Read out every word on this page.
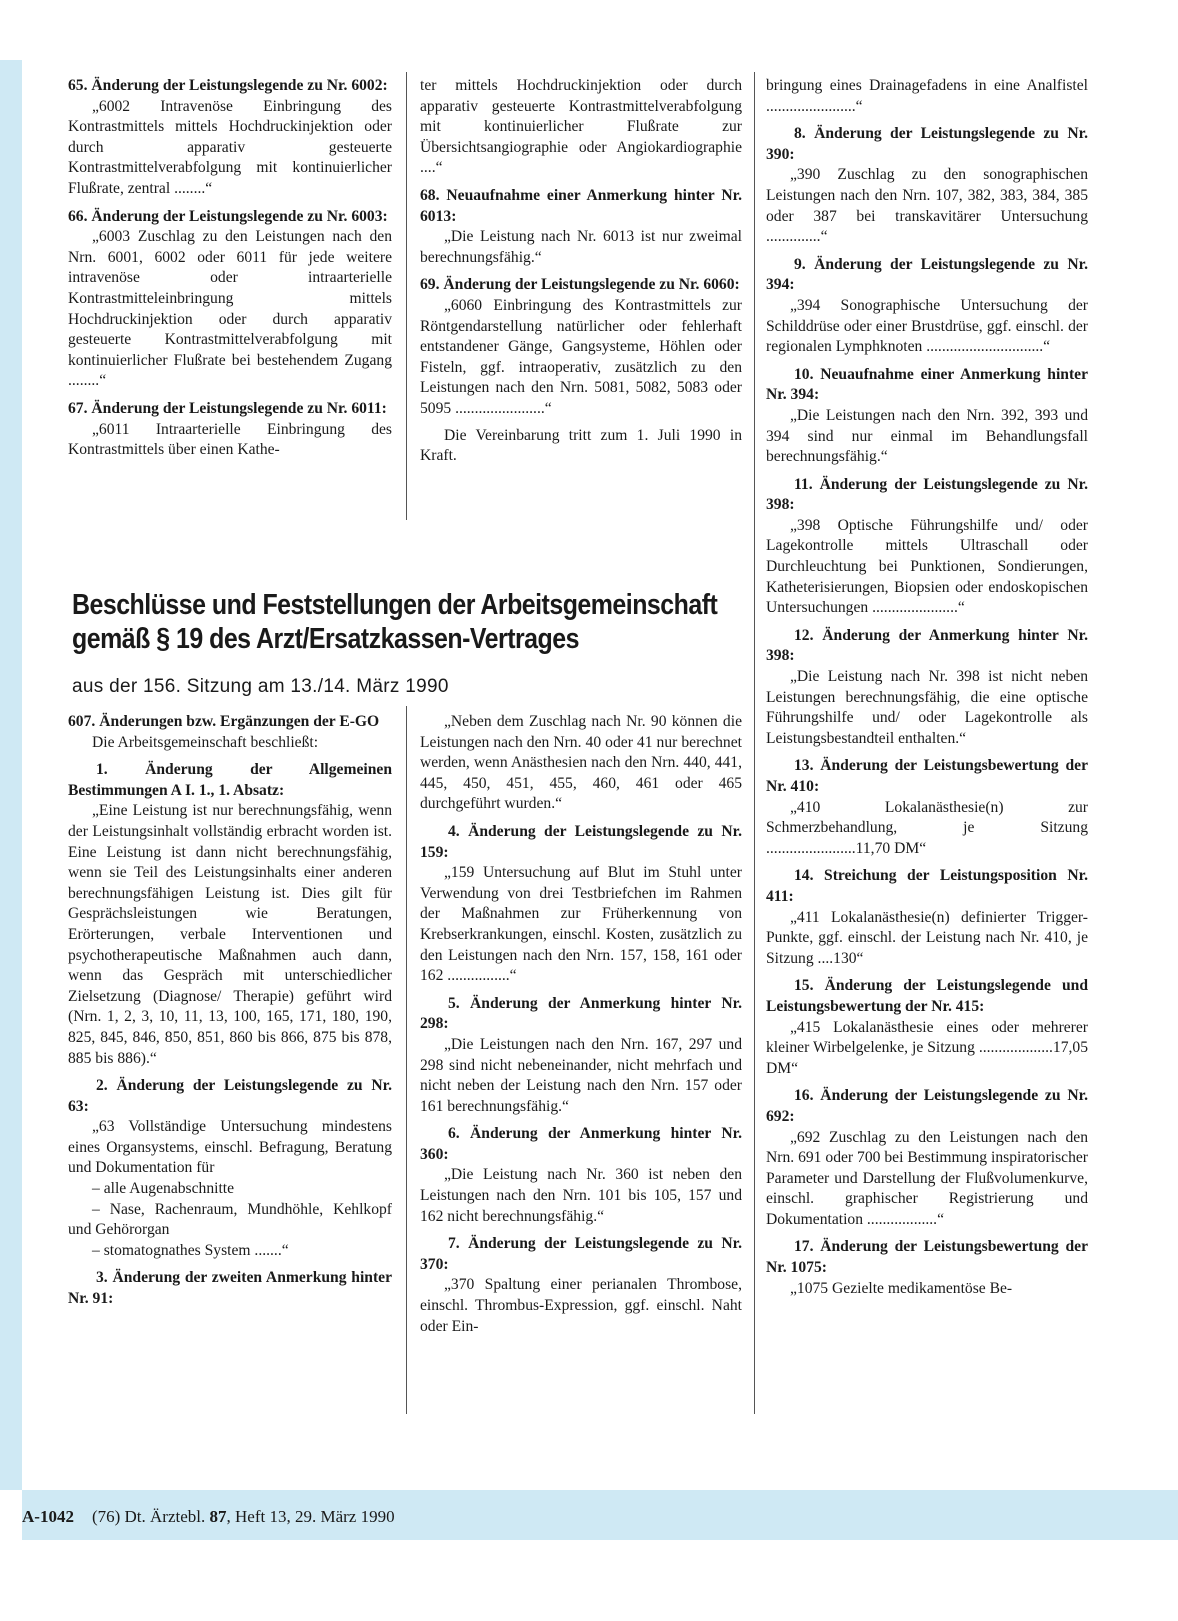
65. Änderung der Leistungslegende zu Nr. 6002:

„6002 Intravenöse Einbringung des Kontrastmittels mittels Hochdruckinjektion oder durch apparativ gesteuerte Kontrastmittelverabfolgung mit kontinuierlicher Flußrate, zentral ........“

66. Änderung der Leistungslegende zu Nr. 6003:

„6003 Zuschlag zu den Leistungen nach den Nrn. 6001, 6002 oder 6011 für jede weitere intravenöse oder intraarterielle Kontrastmitteleinbringung mittels Hochdruckinjektion oder durch apparativ gesteuerte Kontrastmittelverabfolgung mit kontinuierlicher Flußrate bei bestehendem Zugang ........“

67. Änderung der Leistungslegende zu Nr. 6011:

„6011 Intraarterielle Einbringung des Kontrastmittels über einen Kathe-

ter mittels Hochdruckinjektion oder durch apparativ gesteuerte Kontrastmittelverabfolgung mit kontinuierlicher Flußrate zur Übersichtsangiographie oder Angiokardiographie ....“

68. Neuaufnahme einer Anmerkung hinter Nr. 6013:

„Die Leistung nach Nr. 6013 ist nur zweimal berechnungsfähig.“

69. Änderung der Leistungslegende zu Nr. 6060:

„6060 Einbringung des Kontrastmittels zur Röntgendarstellung natürlicher oder fehlerhaft entstandener Gänge, Gangsysteme, Höhlen oder Fisteln, ggf. intraoperativ, zusätzlich zu den Leistungen nach den Nrn. 5081, 5082, 5083 oder 5095 .......................“

Die Vereinbarung tritt zum 1. Juli 1990 in Kraft.

Beschlüsse und Feststellungen der Arbeitsgemeinschaft
gemäß § 19 des Arzt/Ersatzkassen-Vertrages
aus der 156. Sitzung am 13./14. März 1990

607. Änderungen bzw. Ergänzungen der E-GO

Die Arbeitsgemeinschaft beschließt:

1. Änderung der Allgemeinen Bestimmungen A I. 1., 1. Absatz:

„Eine Leistung ist nur berechnungsfähig, wenn der Leistungsinhalt vollständig erbracht worden ist. Eine Leistung ist dann nicht berechnungsfähig, wenn sie Teil des Leistungsinhalts einer anderen berechnungsfähigen Leistung ist. Dies gilt für Gesprächsleistungen wie Beratungen, Erörterungen, verbale Interventionen und psychotherapeutische Maßnahmen auch dann, wenn das Gespräch mit unterschiedlicher Zielsetzung (Diagnose/ Therapie) geführt wird (Nrn. 1, 2, 3, 10, 11, 13, 100, 165, 171, 180, 190, 825, 845, 846, 850, 851, 860 bis 866, 875 bis 878, 885 bis 886).“

2. Änderung der Leistungslegende zu Nr. 63:

„63 Vollständige Untersuchung mindestens eines Organsystems, einschl. Befragung, Beratung und Dokumentation für

– alle Augenabschnitte

– Nase, Rachenraum, Mundhöhle, Kehlkopf und Gehörorgan

– stomatognathes System .......“

3. Änderung der zweiten Anmerkung hinter Nr. 91:

„Neben dem Zuschlag nach Nr. 90 können die Leistungen nach den Nrn. 40 oder 41 nur berechnet werden, wenn Anästhesien nach den Nrn. 440, 441, 445, 450, 451, 455, 460, 461 oder 465 durchgeführt wurden.“

4. Änderung der Leistungslegende zu Nr. 159:

„159 Untersuchung auf Blut im Stuhl unter Verwendung von drei Testbriefchen im Rahmen der Maßnahmen zur Früherkennung von Krebserkrankungen, einschl. Kosten, zusätzlich zu den Leistungen nach den Nrn. 157, 158, 161 oder 162 ................“

5. Änderung der Anmerkung hinter Nr. 298:

„Die Leistungen nach den Nrn. 167, 297 und 298 sind nicht nebeneinander, nicht mehrfach und nicht neben der Leistung nach den Nrn. 157 oder 161 berechnungsfähig.“

6. Änderung der Anmerkung hinter Nr. 360:

„Die Leistung nach Nr. 360 ist neben den Leistungen nach den Nrn. 101 bis 105, 157 und 162 nicht berechnungsfähig.“

7. Änderung der Leistungslegende zu Nr. 370:

„370 Spaltung einer perianalen Thrombose, einschl. Thrombus-Expression, ggf. einschl. Naht oder Ein-

bringung eines Drainagefadens in eine Analfistel .......................“

8. Änderung der Leistungslegende zu Nr. 390:

„390 Zuschlag zu den sonographischen Leistungen nach den Nrn. 107, 382, 383, 384, 385 oder 387 bei transkavitärer Untersuchung ..............“

9. Änderung der Leistungslegende zu Nr. 394:

„394 Sonographische Untersuchung der Schilddrüse oder einer Brustdrüse, ggf. einschl. der regionalen Lymphknoten ..............................“

10. Neuaufnahme einer Anmerkung hinter Nr. 394:

„Die Leistungen nach den Nrn. 392, 393 und 394 sind nur einmal im Behandlungsfall berechnungsfähig.“

11. Änderung der Leistungslegende zu Nr. 398:

„398 Optische Führungshilfe und/ oder Lagekontrolle mittels Ultraschall oder Durchleuchtung bei Punktionen, Sondierungen, Katheterisierungen, Biopsien oder endoskopischen Untersuchungen ......................“

12. Änderung der Anmerkung hinter Nr. 398:

„Die Leistung nach Nr. 398 ist nicht neben Leistungen berechnungsfähig, die eine optische Führungshilfe und/ oder Lagekontrolle als Leistungsbestandteil enthalten.“

13. Änderung der Leistungsbewertung der Nr. 410:

„410 Lokalanästhesie(n) zur Schmerzbehandlung, je Sitzung .......................11,70 DM“

14. Streichung der Leistungsposition Nr. 411:

„411 Lokalanästhesie(n) definierter Trigger-Punkte, ggf. einschl. der Leistung nach Nr. 410, je Sitzung ....130“

15. Änderung der Leistungslegende und Leistungsbewertung der Nr. 415:

„415 Lokalanästhesie eines oder mehrerer kleiner Wirbelgelenke, je Sitzung ...................17,05 DM“

16. Änderung der Leistungslegende zu Nr. 692:

„692 Zuschlag zu den Leistungen nach den Nrn. 691 oder 700 bei Bestimmung inspiratorischer Parameter und Darstellung der Flußvolumenkurve, einschl. graphischer Registrierung und Dokumentation ..................“

17. Änderung der Leistungsbewertung der Nr. 1075:

„1075 Gezielte medikamentöse Be-

A-1042 (76) Dt. Ärztebl. 87, Heft 13, 29. März 1990
